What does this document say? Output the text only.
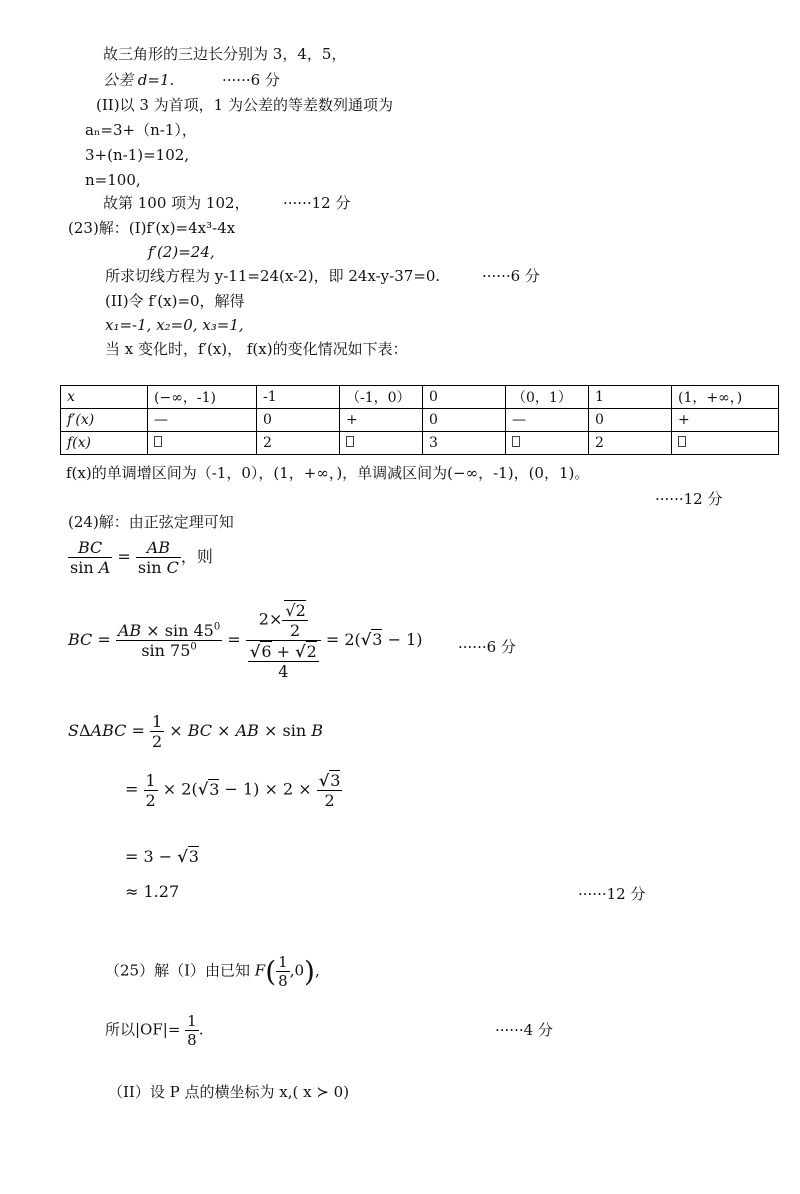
故三角形的三边长分别为 3，4，5，
公差 d=1.	······6 分
(II)以 3 为首项，1 为公差的等差数列通项为
aₙ=3+（n-1），
3+(n-1)=102,
n=100,
故第 100 项为 102， ······12 分
(23)解：(I)f′(x)=4x³-4x
f′(2)=24,
所求切线方程为 y-11=24(x-2)，即 24x-y-37=0.	······6 分
(II)令 f′(x)=0，解得
x₁=-1, x₂=0, x₃=1,
当 x 变化时，f′(x)， f(x)的变化情况如下表：
x	(−∞，-1)	-1	（-1，0）	0	（0，1）	1	(1，+∞，)
f′(x)	—	0	+	0	—	0	+
f(x)		2		3		2	
f(x)的单调增区间为（-1，0），(1，+∞，)，单调减区间为(−∞，-1)，(0，1)。
······12 分
(24)解：由正弦定理可知
$\frac{BC}{\text{sin A}} = \frac{AB}{\text{sin C}}$ ，则
BC = $\frac{AB \times \sin 45^0}{\sin 75^0} = \frac{2\times \frac{√2}{2}}{\frac{√6 + √2}{4}} = 2(√3 - 1) \cdot\cdot\cdot\cdot\cdot\cdot 6$ 分
$S\Delta ABC = \frac{1}{2}$ × BC × AB × sin B
= $\frac{1}{2} \times 2(√3 - 1) \times 2 \times \frac{√3}{2}$
= 3 − √3
≈ 1.27	······12 分
（25）解（I）由已知 $F( \frac{1}{8} ,0)$,
所以$|OF|= \frac{1}{8}$ .	······4 分
（II）设 P 点的横坐标为 x,( x ≻ 0)
